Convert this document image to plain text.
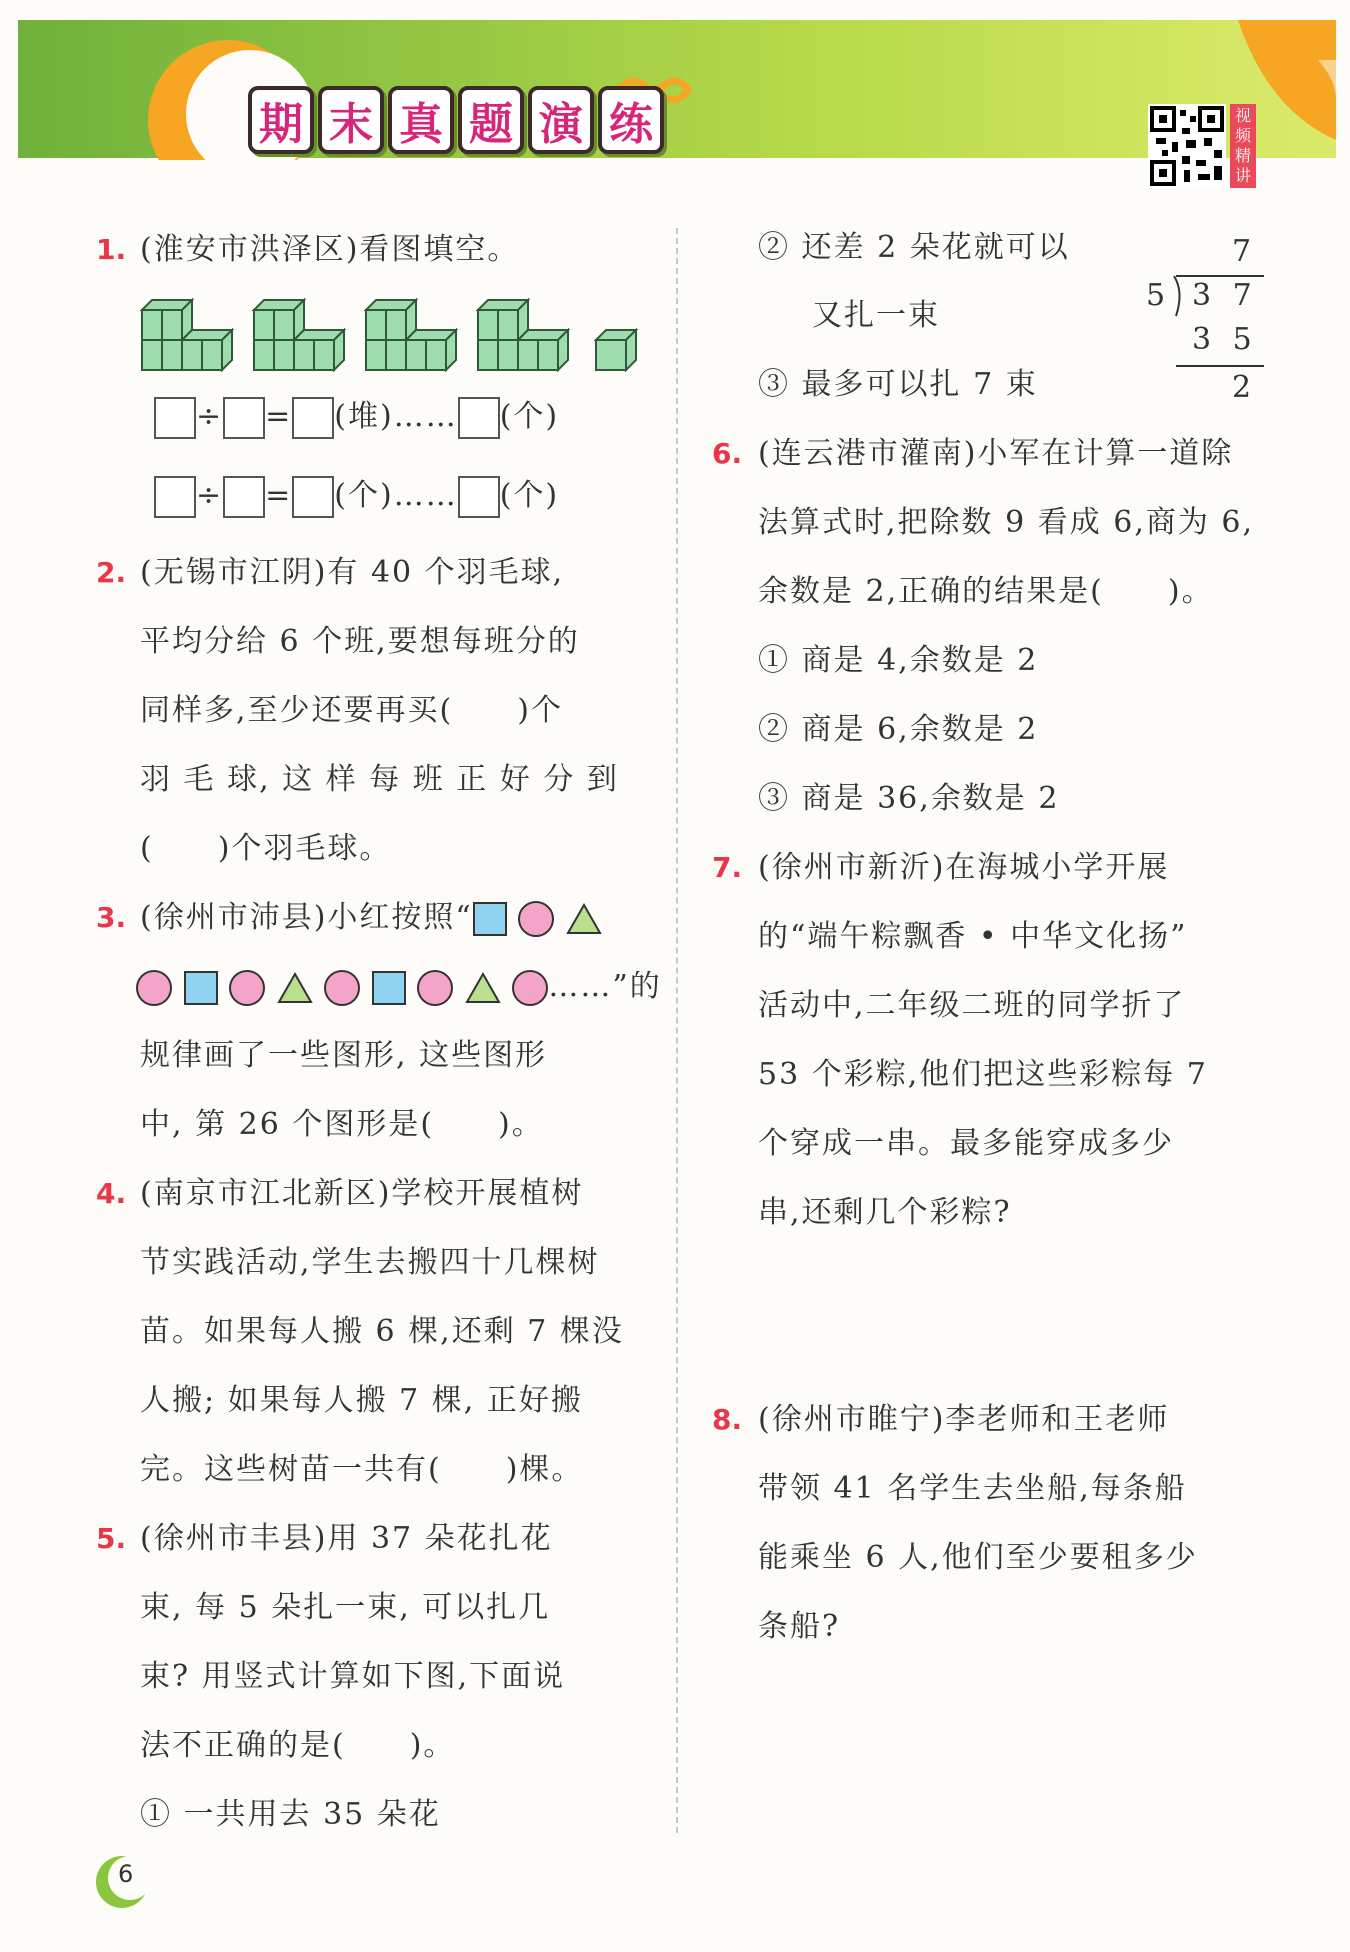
期 末 真 题 演 练	视
频
精
讲
1. (淮安市洪泽区)看图填空。
÷ = (堆)…… (个)
÷ = (个)…… (个)
2. (无锡市江阴)有 40 个羽毛球,
平均分给 6 个班,要想每班分的
同样多,至少还要再买(　　)个
羽 毛 球, 这 样 每 班 正 好 分 到
(　　)个羽毛球。
3. (徐州市沛县)小红按照“
……”的
规律画了一些图形, 这些图形
中, 第 26 个图形是(　　)。
4. (南京市江北新区)学校开展植树
节实践活动,学生去搬四十几棵树
苗。如果每人搬 6 棵,还剩 7 棵没
人搬; 如果每人搬 7 棵, 正好搬
完。这些树苗一共有(　　)棵。
5. (徐州市丰县)用 37 朵花扎花
束, 每 5 朵扎一束, 可以扎几
束? 用竖式计算如下图,下面说
法不正确的是(　　)。
① 一共用去 35 朵花
② 还差 2 朵花就可以
又扎一束
③ 最多可以扎 7 束
7
5 3 7
3 5
2
6. (连云港市灌南)小军在计算一道除
法算式时,把除数 9 看成 6,商为 6,
余数是 2,正确的结果是(　　)。
① 商是 4,余数是 2
② 商是 6,余数是 2
③ 商是 36,余数是 2
7. (徐州市新沂)在海城小学开展
的“端午粽飘香 • 中华文化扬”
活动中,二年级二班的同学折了
53 个彩粽,他们把这些彩粽每 7
个穿成一串。最多能穿成多少
串,还剩几个彩粽?
8. (徐州市睢宁)李老师和王老师
带领 41 名学生去坐船,每条船
能乘坐 6 人,他们至少要租多少
条船?
6
